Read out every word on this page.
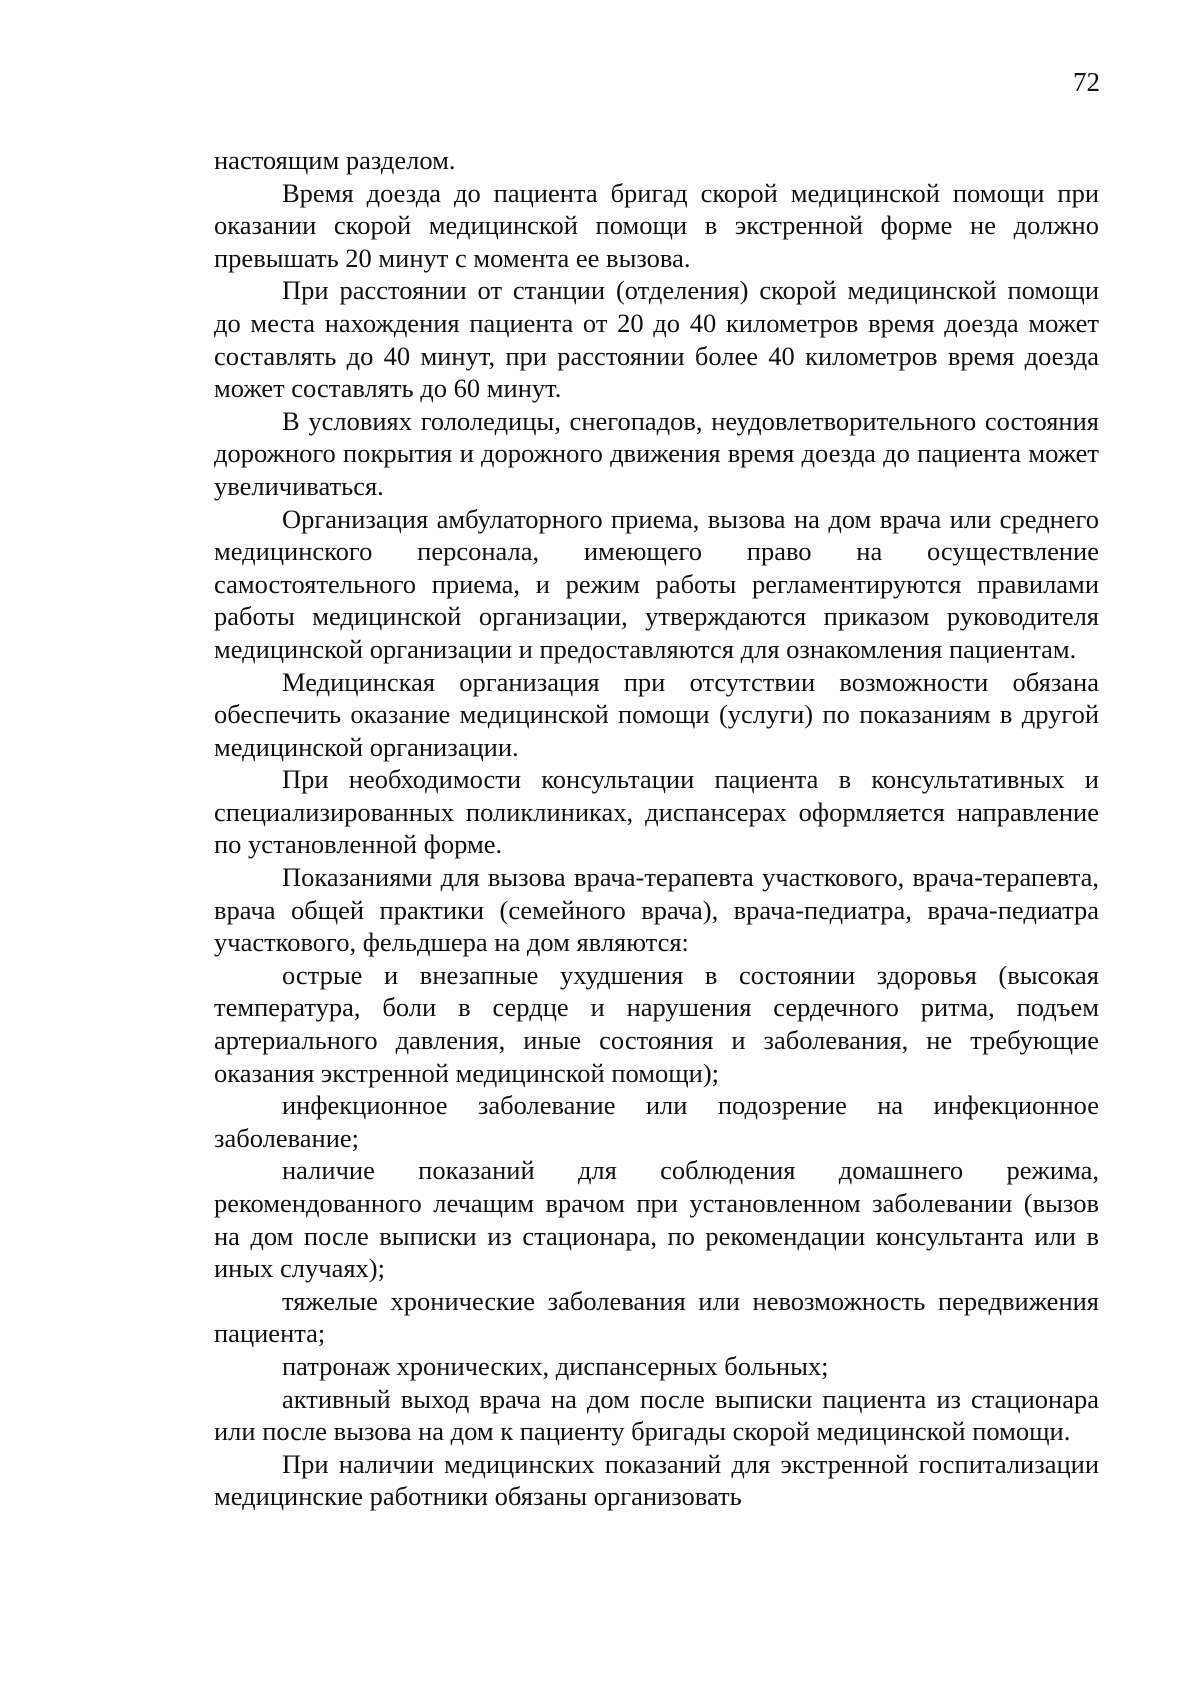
72

настоящим разделом.

Время доезда до пациента бригад скорой медицинской помощи при оказании скорой медицинской помощи в экстренной форме не должно превышать 20 минут с момента ее вызова.

При расстоянии от станции (отделения) скорой медицинской помощи до места нахождения пациента от 20 до 40 километров время доезда может составлять до 40 минут, при расстоянии более 40 километров время доезда может составлять до 60 минут.

В условиях гололедицы, снегопадов, неудовлетворительного состояния дорожного покрытия и дорожного движения время доезда до пациента может увеличиваться.

Организация амбулаторного приема, вызова на дом врача или среднего медицинского персонала, имеющего право на осуществление самостоятельного приема, и режим работы регламентируются правилами работы медицинской организации, утверждаются приказом руководителя медицинской организации и предоставляются для ознакомления пациентам.

Медицинская организация при отсутствии возможности обязана обеспечить оказание медицинской помощи (услуги) по показаниям в другой медицинской организации.

При необходимости консультации пациента в консультативных и специализированных поликлиниках, диспансерах оформляется направление по установленной форме.

Показаниями для вызова врача-терапевта участкового, врача-терапевта, врача общей практики (семейного врача), врача-педиатра, врача-педиатра участкового, фельдшера на дом являются:

острые и внезапные ухудшения в состоянии здоровья (высокая температура, боли в сердце и нарушения сердечного ритма, подъем артериального давления, иные состояния и заболевания, не требующие оказания экстренной медицинской помощи);

инфекционное заболевание или подозрение на инфекционное заболевание;

наличие показаний для соблюдения домашнего режима, рекомендованного лечащим врачом при установленном заболевании (вызов на дом после выписки из стационара, по рекомендации консультанта или в иных случаях);

тяжелые хронические заболевания или невозможность передвижения пациента;

патронаж хронических, диспансерных больных;

активный выход врача на дом после выписки пациента из стационара или после вызова на дом к пациенту бригады скорой медицинской помощи.

При наличии медицинских показаний для экстренной госпитализации медицинские работники обязаны организовать
